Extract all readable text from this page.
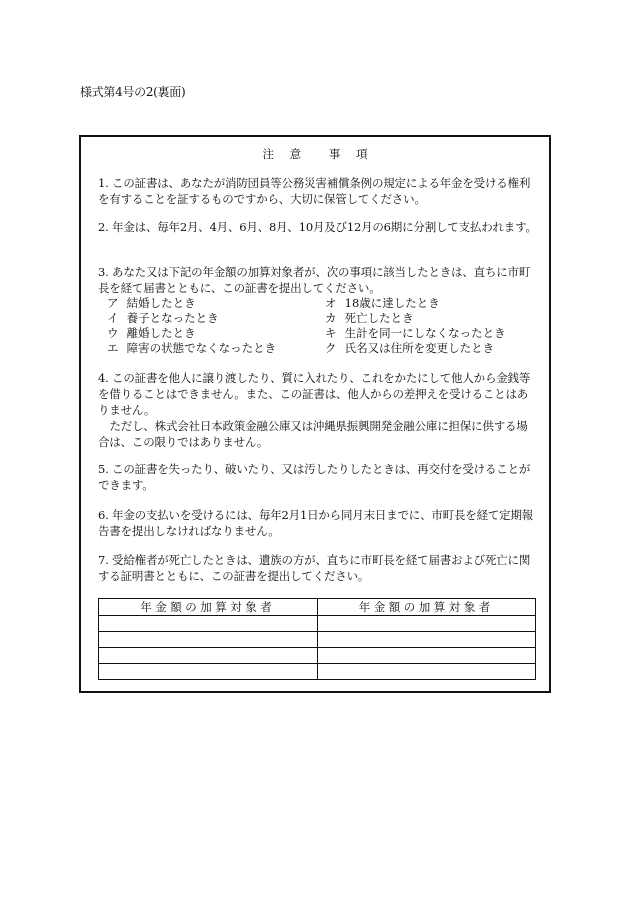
様式第4号の2(裏面)
注 意 事 項

1. この証書は、あなたが消防団員等公務災害補償条例の規定による年金を受ける権利を有することを証するものですから、大切に保管してください。

2. 年金は、毎年2月、4月、6月、8月、10月及び12月の6期に分割して支払われます。

3. あなた又は下記の年金額の加算対象者が、次の事項に該当したときは、直ちに市町長を経て届書とともに、この証書を提出してください。

ア 結婚したとき
イ 養子となったとき
ウ 離婚したとき
エ 障害の状態でなくなったとき
オ 18歳に達したとき
カ 死亡したとき
キ 生計を同一にしなくなったとき
ク 氏名又は住所を変更したとき

4. この証書を他人に譲り渡したり、質に入れたり、これをかたにして他人から金銭等を借りることはできません。また、この証書は、他人からの差押えを受けることはありません。

ただし、株式会社日本政策金融公庫又は沖縄県振興開発金融公庫に担保に供する場合は、この限りではありません。

5. この証書を失ったり、破いたり、又は汚したりしたときは、再交付を受けることができます。

6. 年金の支払いを受けるには、毎年2月1日から同月末日までに、市町長を経て定期報告書を提出しなければなりません。

7. 受給権者が死亡したときは、遺族の方が、直ちに市町長を経て届書および死亡に関する証明書とともに、この証書を提出してください。

年金額の加算対象者	年金額の加算対象者
